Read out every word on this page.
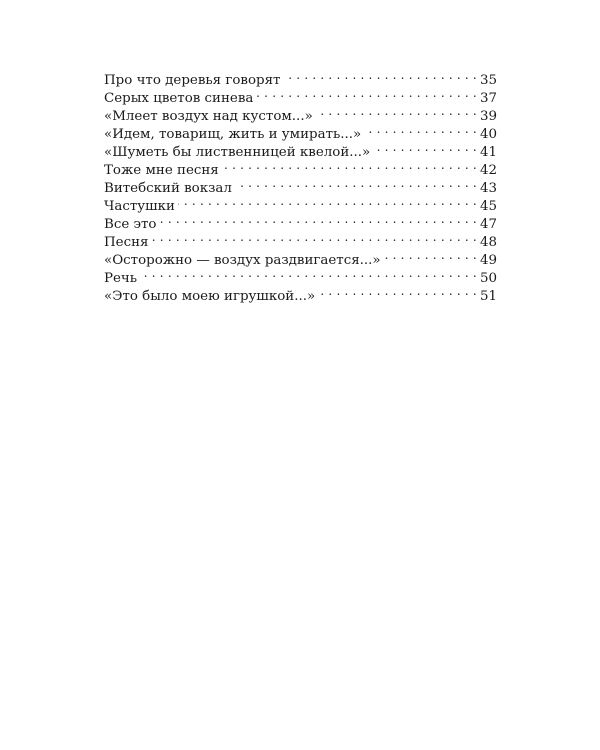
Про что деревья говорят . . .	35
Серых цветов синева . . .	37
«Млеет воздух над кустом...» . . .	39
«Идем, товарищ, жить и умирать...» . . .	40
«Шуметь бы лиственницей квелой...» . . .	41
Тоже мне песня . . .	42
Витебский вокзал . . .	43
Частушки . . .	45
Все это . . .	47
Песня . . .	48
«Осторожно — воздух раздвигается...» . . .	49
Речь . . .	50
«Это было моею игрушкой...» . . .	51
